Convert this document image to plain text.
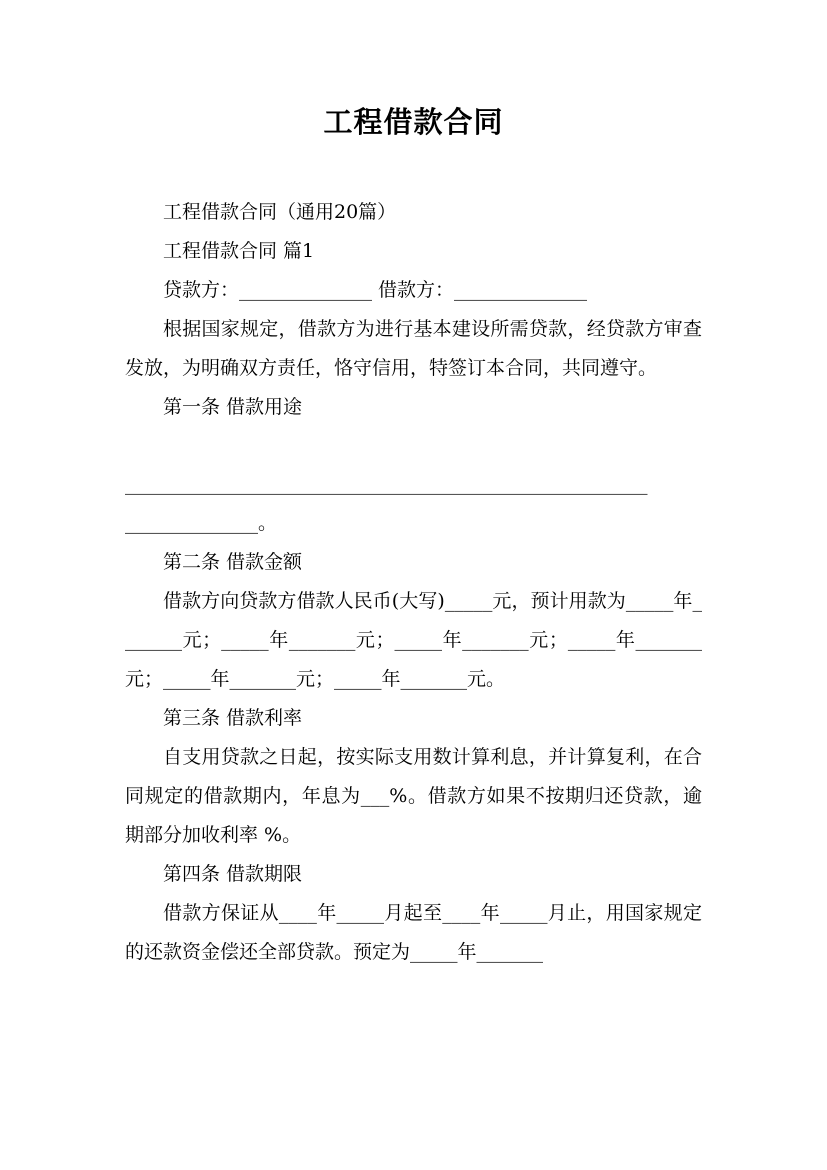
工程借款合同

工程借款合同（通用20篇）

工程借款合同 篇1

贷款方：______________ 借款方：______________

根据国家规定，借款方为进行基本建设所需贷款，经贷款方审查发放，为明确双方责任，恪守信用，特签订本合同，共同遵守。

第一条 借款用途

_______________________________________________________

______________。

第二条 借款金额

借款方向贷款方借款人民币(大写)_____元，预计用款为_____年_______元；_____年_______元；_____年_______元；_____年_______元；_____年_______元；_____年_______元。

第三条 借款利率

自支用贷款之日起，按实际支用数计算利息，并计算复利，在合同规定的借款期内，年息为___%。借款方如果不按期归还贷款，逾期部分加收利率 %。

第四条 借款期限

借款方保证从____年_____月起至____年_____月止，用国家规定的还款资金偿还全部贷款。预定为_____年_______
